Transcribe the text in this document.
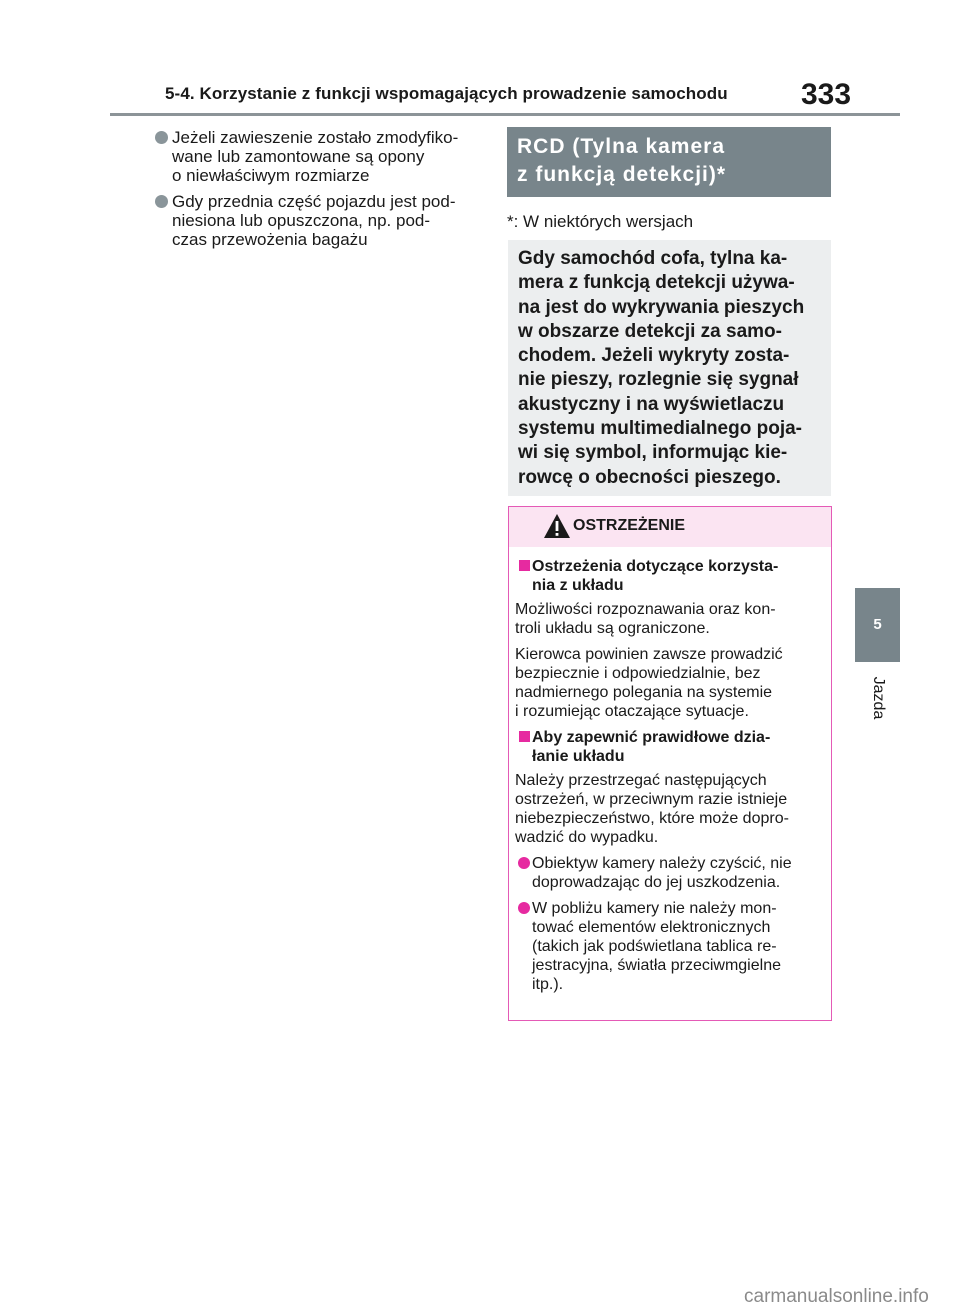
5-4. Korzystanie z funkcji wspomagających prowadzenie samochodu 333
Jeżeli zawieszenie zostało zmodyfiko-
wane lub zamontowane są opony
o niewłaściwym rozmiarze
Gdy przednia część pojazdu jest pod-
niesiona lub opuszczona, np. pod-
czas przewożenia bagażu
RCD (Tylna kamera
z funkcją detekcji)*
*: W niektórych wersjach
Gdy samochód cofa, tylna ka-
mera z funkcją detekcji używa-
na jest do wykrywania pieszych
w obszarze detekcji za samo-
chodem. Jeżeli wykryty zosta-
nie pieszy, rozlegnie się sygnał
akustyczny i na wyświetlaczu
systemu multimedialnego poja-
wi się symbol, informując kie-
rowcę o obecności pieszego.
OSTRZEŻENIE
Ostrzeżenia dotyczące korzysta-
nia z układu
Możliwości rozpoznawania oraz kon-
troli układu są ograniczone.
Kierowca powinien zawsze prowadzić
bezpiecznie i odpowiedzialnie, bez
nadmiernego polegania na systemie
i rozumiejąc otaczające sytuacje.
Aby zapewnić prawidłowe dzia-
łanie układu
Należy przestrzegać następujących
ostrzeżeń, w przeciwnym razie istnieje
niebezpieczeństwo, które może dopro-
wadzić do wypadku.
Obiektyw kamery należy czyścić, nie
doprowadzając do jej uszkodzenia.
W pobliżu kamery nie należy mon-
tować elementów elektronicznych
(takich jak podświetlana tablica re-
jestracyjna, światła przeciwmgielne
itp.).
5
Jazda
carmanualsonline.info
